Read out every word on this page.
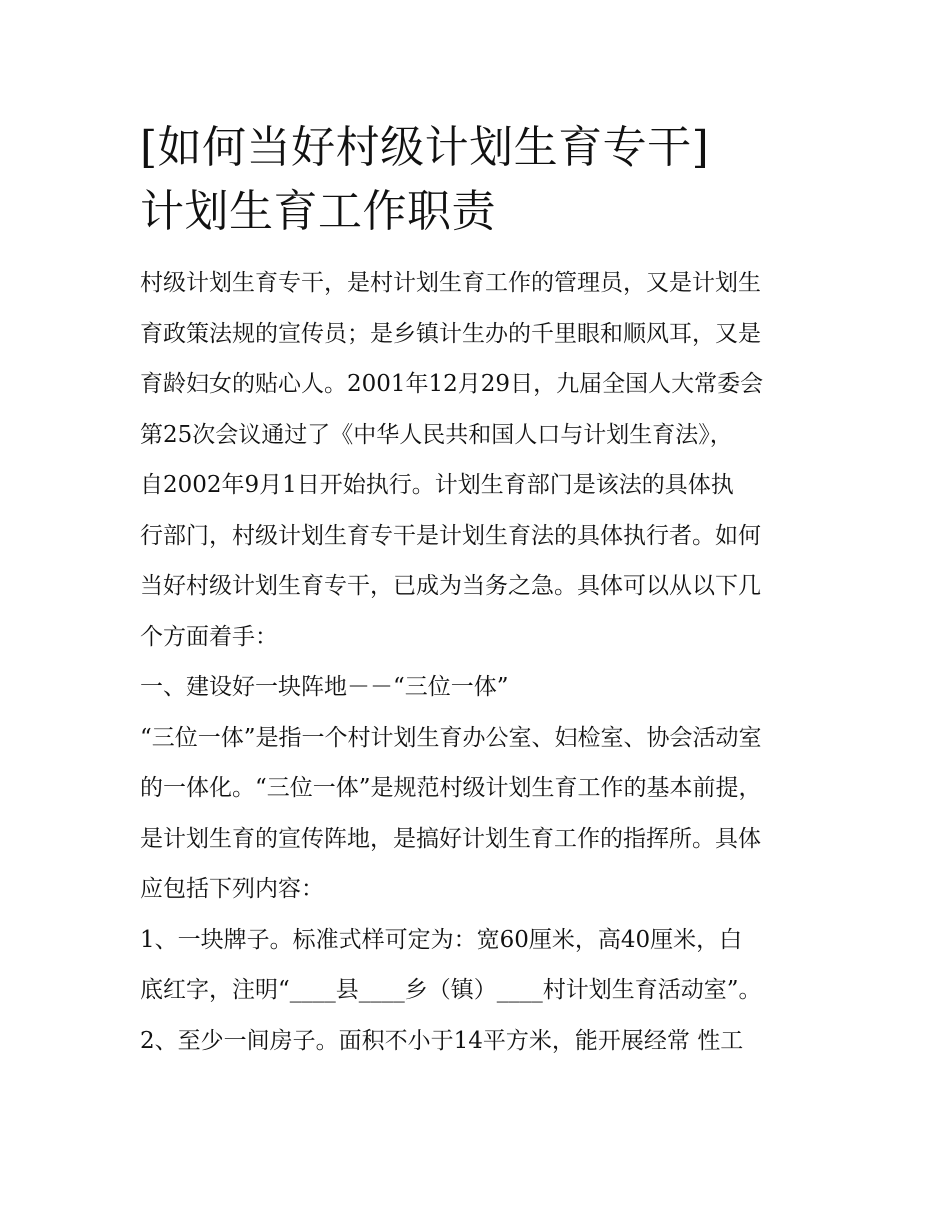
[如何当好村级计划生育专干]
计划生育工作职责
村级计划生育专干，是村计划生育工作的管理员，又是计划生
育政策法规的宣传员；是乡镇计生办的千里眼和顺风耳，又是
育龄妇女的贴心人。2001年12月29日，九届全国人大常委会
第25次会议通过了《中华人民共和国人口与计划生育法》，
自2002年9月1日开始执行。计划生育部门是该法的具体执
行部门，村级计划生育专干是计划生育法的具体执行者。如何
当好村级计划生育专干，已成为当务之急。具体可以从以下几
个方面着手：
一、建设好一块阵地－－“三位一体”
“三位一体”是指一个村计划生育办公室、妇检室、协会活动室
的一体化。“三位一体”是规范村级计划生育工作的基本前提，
是计划生育的宣传阵地，是搞好计划生育工作的指挥所。具体
应包括下列内容：
1、一块牌子。标准式样可定为：宽60厘米，高40厘米，白
底红字，注明“____县____乡（镇）____村计划生育活动室”。
2、至少一间房子。面积不小于14平方米，能开展经常 性工
